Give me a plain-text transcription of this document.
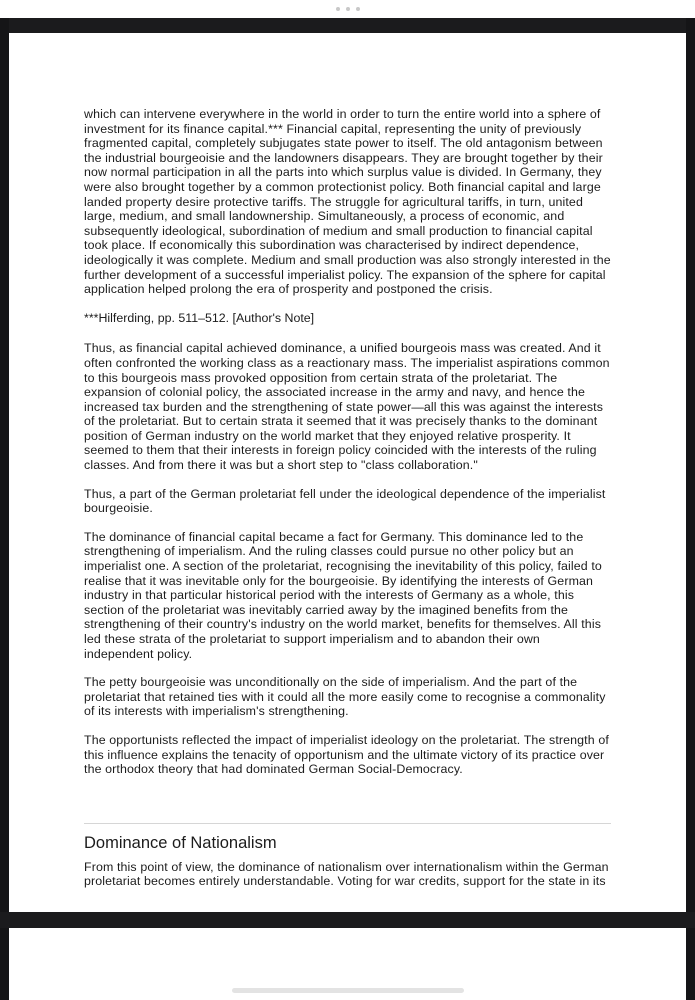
which can intervene everywhere in the world in order to turn the entire world into a sphere of investment for its finance capital.*** Financial capital, representing the unity of previously fragmented capital, completely subjugates state power to itself. The old antagonism between the industrial bourgeoisie and the landowners disappears. They are brought together by their now normal participation in all the parts into which surplus value is divided. In Germany, they were also brought together by a common protectionist policy. Both financial capital and large landed property desire protective tariffs. The struggle for agricultural tariffs, in turn, united large, medium, and small landownership. Simultaneously, a process of economic, and subsequently ideological, subordination of medium and small production to financial capital took place. If economically this subordination was characterised by indirect dependence, ideologically it was complete. Medium and small production was also strongly interested in the further development of a successful imperialist policy. The expansion of the sphere for capital application helped prolong the era of prosperity and postponed the crisis.

***Hilferding, pp. 511–512. [Author's Note]

Thus, as financial capital achieved dominance, a unified bourgeois mass was created. And it often confronted the working class as a reactionary mass. The imperialist aspirations common to this bourgeois mass provoked opposition from certain strata of the proletariat. The expansion of colonial policy, the associated increase in the army and navy, and hence the increased tax burden and the strengthening of state power—all this was against the interests of the proletariat. But to certain strata it seemed that it was precisely thanks to the dominant position of German industry on the world market that they enjoyed relative prosperity. It seemed to them that their interests in foreign policy coincided with the interests of the ruling classes. And from there it was but a short step to "class collaboration."

Thus, a part of the German proletariat fell under the ideological dependence of the imperialist bourgeoisie.

The dominance of financial capital became a fact for Germany. This dominance led to the strengthening of imperialism. And the ruling classes could pursue no other policy but an imperialist one. A section of the proletariat, recognising the inevitability of this policy, failed to realise that it was inevitable only for the bourgeoisie. By identifying the interests of German industry in that particular historical period with the interests of Germany as a whole, this section of the proletariat was inevitably carried away by the imagined benefits from the strengthening of their country's industry on the world market, benefits for themselves. All this led these strata of the proletariat to support imperialism and to abandon their own independent policy.

The petty bourgeoisie was unconditionally on the side of imperialism. And the part of the proletariat that retained ties with it could all the more easily come to recognise a commonality of its interests with imperialism's strengthening.

The opportunists reflected the impact of imperialist ideology on the proletariat. The strength of this influence explains the tenacity of opportunism and the ultimate victory of its practice over the orthodox theory that had dominated German Social-Democracy.

Dominance of Nationalism

From this point of view, the dominance of nationalism over internationalism within the German proletariat becomes entirely understandable. Voting for war credits, support for the state in its
